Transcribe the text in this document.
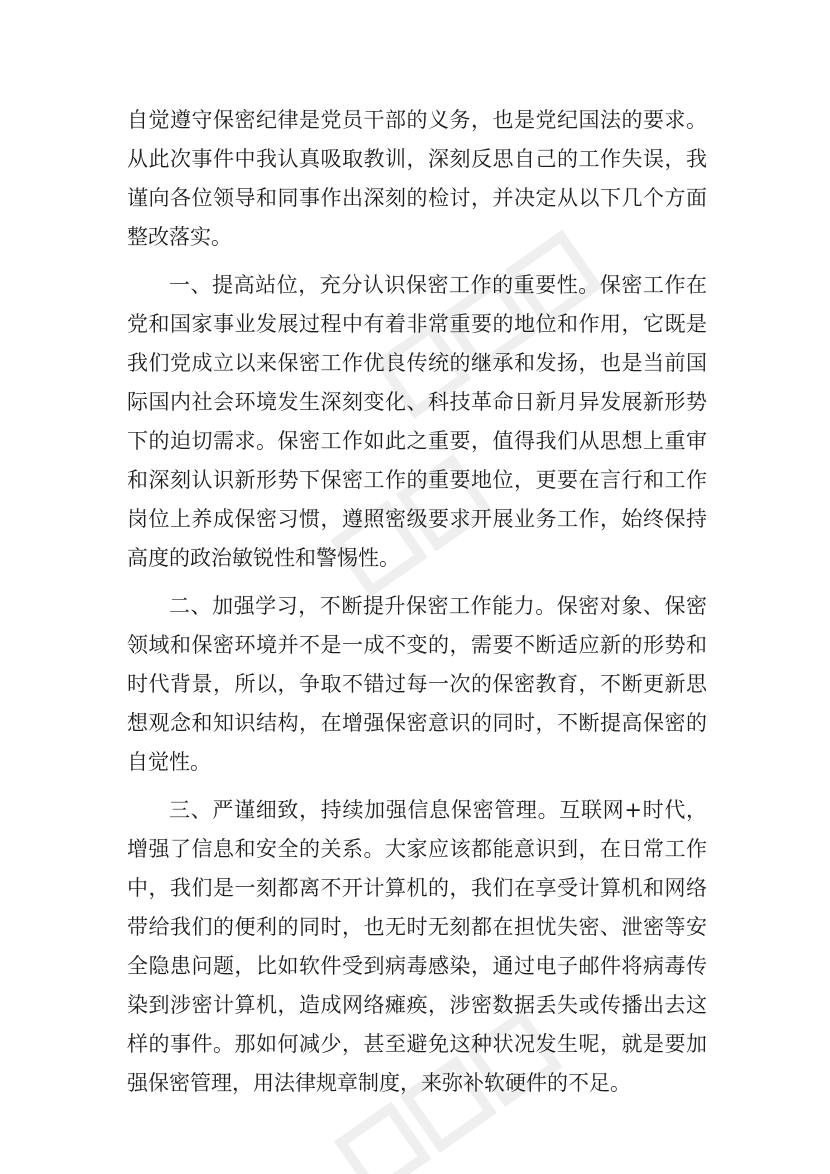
自觉遵守保密纪律是党员干部的义务，也是党纪国法的要求。从此次事件中我认真吸取教训，深刻反思自己的工作失误，我谨向各位领导和同事作出深刻的检讨，并决定从以下几个方面整改落实。

一、提高站位，充分认识保密工作的重要性。保密工作在党和国家事业发展过程中有着非常重要的地位和作用，它既是我们党成立以来保密工作优良传统的继承和发扬，也是当前国际国内社会环境发生深刻变化、科技革命日新月异发展新形势下的迫切需求。保密工作如此之重要，值得我们从思想上重审和深刻认识新形势下保密工作的重要地位，更要在言行和工作岗位上养成保密习惯，遵照密级要求开展业务工作，始终保持高度的政治敏锐性和警惕性。

二、加强学习，不断提升保密工作能力。保密对象、保密领域和保密环境并不是一成不变的，需要不断适应新的形势和时代背景，所以，争取不错过每一次的保密教育，不断更新思想观念和知识结构，在增强保密意识的同时，不断提高保密的自觉性。

三、严谨细致，持续加强信息保密管理。互联网+时代，增强了信息和安全的关系。大家应该都能意识到，在日常工作中，我们是一刻都离不开计算机的，我们在享受计算机和网络带给我们的便利的同时，也无时无刻都在担忧失密、泄密等安全隐患问题，比如软件受到病毒感染，通过电子邮件将病毒传染到涉密计算机，造成网络瘫痪，涉密数据丢失或传播出去这样的事件。那如何减少，甚至避免这种状况发生呢，就是要加强保密管理，用法律规章制度，来弥补软硬件的不足。
